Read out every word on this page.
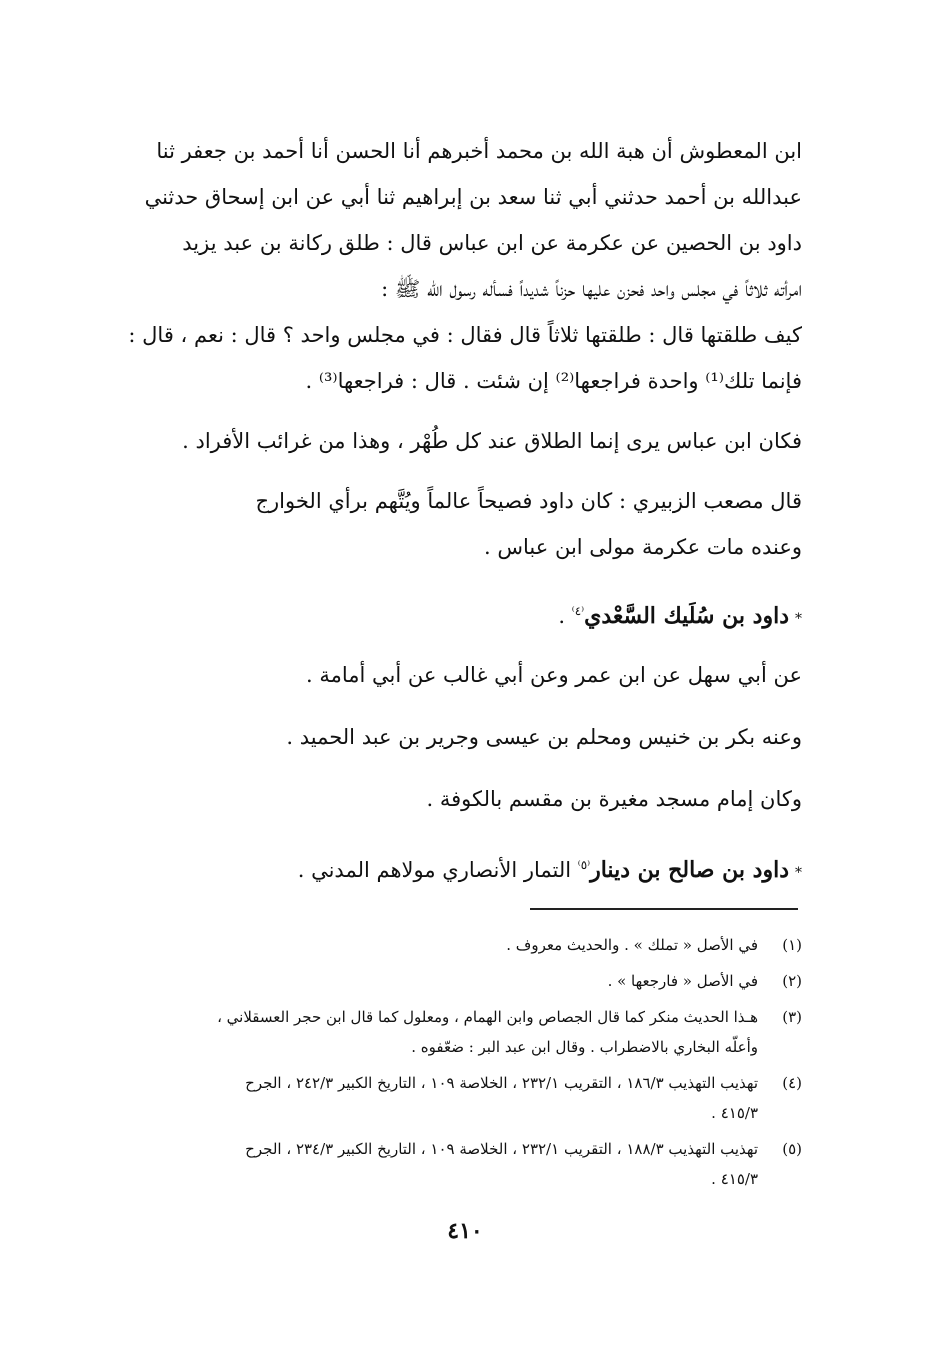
ابن المعطوش أن هبة الله بن محمد أخبرهم أنا الحسن أنا أحمد بن جعفر ثنا
عبدالله بن أحمد حدثني أبي ثنا سعد بن إبراهيم ثنا أبي عن ابن إسحاق حدثني
داود بن الحصين عن عكرمة عن ابن عباس قال : طلق ركانة بن عبد يزيد
امرأته ثلاثاً في مجلس واحد فحزن عليها حزناً شديداً فسأله رسول الله ﷺ :
كيف طلقتها قال : طلقتها ثلاثاً قال فقال : في مجلس واحد ؟ قال : نعم ، قال :
فإنما تلك⁽¹⁾ واحدة فراجعها⁽²⁾ إن شئت . قال : فراجعها⁽³⁾ .
فكان ابن عباس يرى إنما الطلاق عند كل طُهْر ، وهذا من غرائب الأفراد .
قال مصعب الزبيري : كان داود فصيحاً عالماً ويُتَّهم برأي الخوارج
وعنده مات عكرمة مولى ابن عباس .
*داود بن سُلَيك السَّعْدي$^{^(٤^)}$ .
عن أبي سهل عن ابن عمر وعن أبي غالب عن أبي أمامة .
وعنه بكر بن خنيس ومحلم بن عيسى وجرير بن عبد الحميد .
وكان إمام مسجد مغيرة بن مقسم بالكوفة .
*داود بن صالح بن دينار$^{^(٥^)}$ التمار الأنصاري مولاهم المدني .
(١)
في الأصل « تملك » . والحديث معروف .
(٢)
في الأصل « فارجعها » .
(٣)
هـذا الحديث منكر كما قال الجصاص وابن الهمام ، ومعلول كما قال ابن حجر العسقلاني ،
وأعلّه البخاري بالاضطراب . وقال ابن عبد البر : ضعّفوه .
(٤)
تهذيب التهذيب ١٨٦/٣ ، التقريب ٢٣٢/١ ، الخلاصة ١٠٩ ، التاريخ الكبير ٢٤٢/٣ ، الجرح
٤١٥/٣ .
(٥)
تهذيب التهذيب ١٨٨/٣ ، التقريب ٢٣٢/١ ، الخلاصة ١٠٩ ، التاريخ الكبير ٢٣٤/٣ ، الجرح
٤١٥/٣ .
٤١٠
